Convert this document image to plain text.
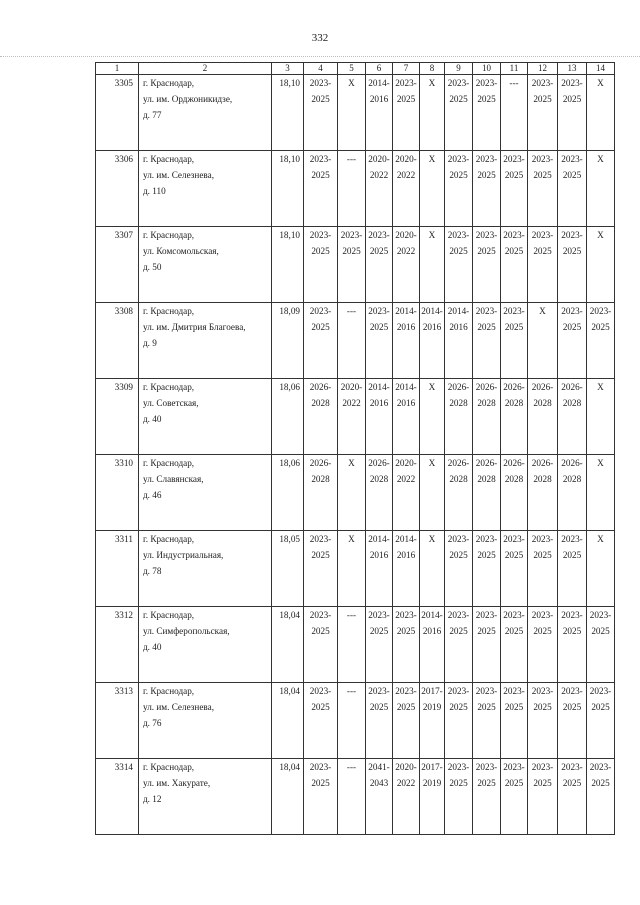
332
1	2	3	4	5	6	7	8	9	10	11	12	13	14
3305	г. Краснодар,
ул. им. Орджоникидзе,
д. 77	18,10	2023-
2025	X	2014-
2016	2023-
2025	X	2023-
2025	2023-
2025	---	2023-
2025	2023-
2025	X

3306	г. Краснодар,
ул. им. Селезнева,
д. 110	18,10	2023-
2025	---	2020-
2022	2020-
2022	X	2023-
2025	2023-
2025	2023-
2025	2023-
2025	2023-
2025	X

3307	г. Краснодар,
ул. Комсомольская,
д. 50	18,10	2023-
2025	2023-
2025	2023-
2025	2020-
2022	X	2023-
2025	2023-
2025	2023-
2025	2023-
2025	2023-
2025	X

3308	г. Краснодар,
ул. им. Дмитрия Благоева,
д. 9	18,09	2023-
2025	---	2023-
2025	2014-
2016	2014-
2016	2014-
2016	2023-
2025	2023-
2025	X	2023-
2025	2023-
2025

3309	г. Краснодар,
ул. Советская,
д. 40	18,06	2026-
2028	2020-
2022	2014-
2016	2014-
2016	X	2026-
2028	2026-
2028	2026-
2028	2026-
2028	2026-
2028	X

3310	г. Краснодар,
ул. Славянская,
д. 46	18,06	2026-
2028	X	2026-
2028	2020-
2022	X	2026-
2028	2026-
2028	2026-
2028	2026-
2028	2026-
2028	X

3311	г. Краснодар,
ул. Индустриальная,
д. 78	18,05	2023-
2025	X	2014-
2016	2014-
2016	X	2023-
2025	2023-
2025	2023-
2025	2023-
2025	2023-
2025	X

3312	г. Краснодар,
ул. Симферопольская,
д. 40	18,04	2023-
2025	---	2023-
2025	2023-
2025	2014-
2016	2023-
2025	2023-
2025	2023-
2025	2023-
2025	2023-
2025	2023-
2025

3313	г. Краснодар,
ул. им. Селезнева,
д. 76	18,04	2023-
2025	---	2023-
2025	2023-
2025	2017-
2019	2023-
2025	2023-
2025	2023-
2025	2023-
2025	2023-
2025	2023-
2025

3314	г. Краснодар,
ул. им. Хакурате,
д. 12	18,04	2023-
2025	---	2041-
2043	2020-
2022	2017-
2019	2023-
2025	2023-
2025	2023-
2025	2023-
2025	2023-
2025	2023-
2025
